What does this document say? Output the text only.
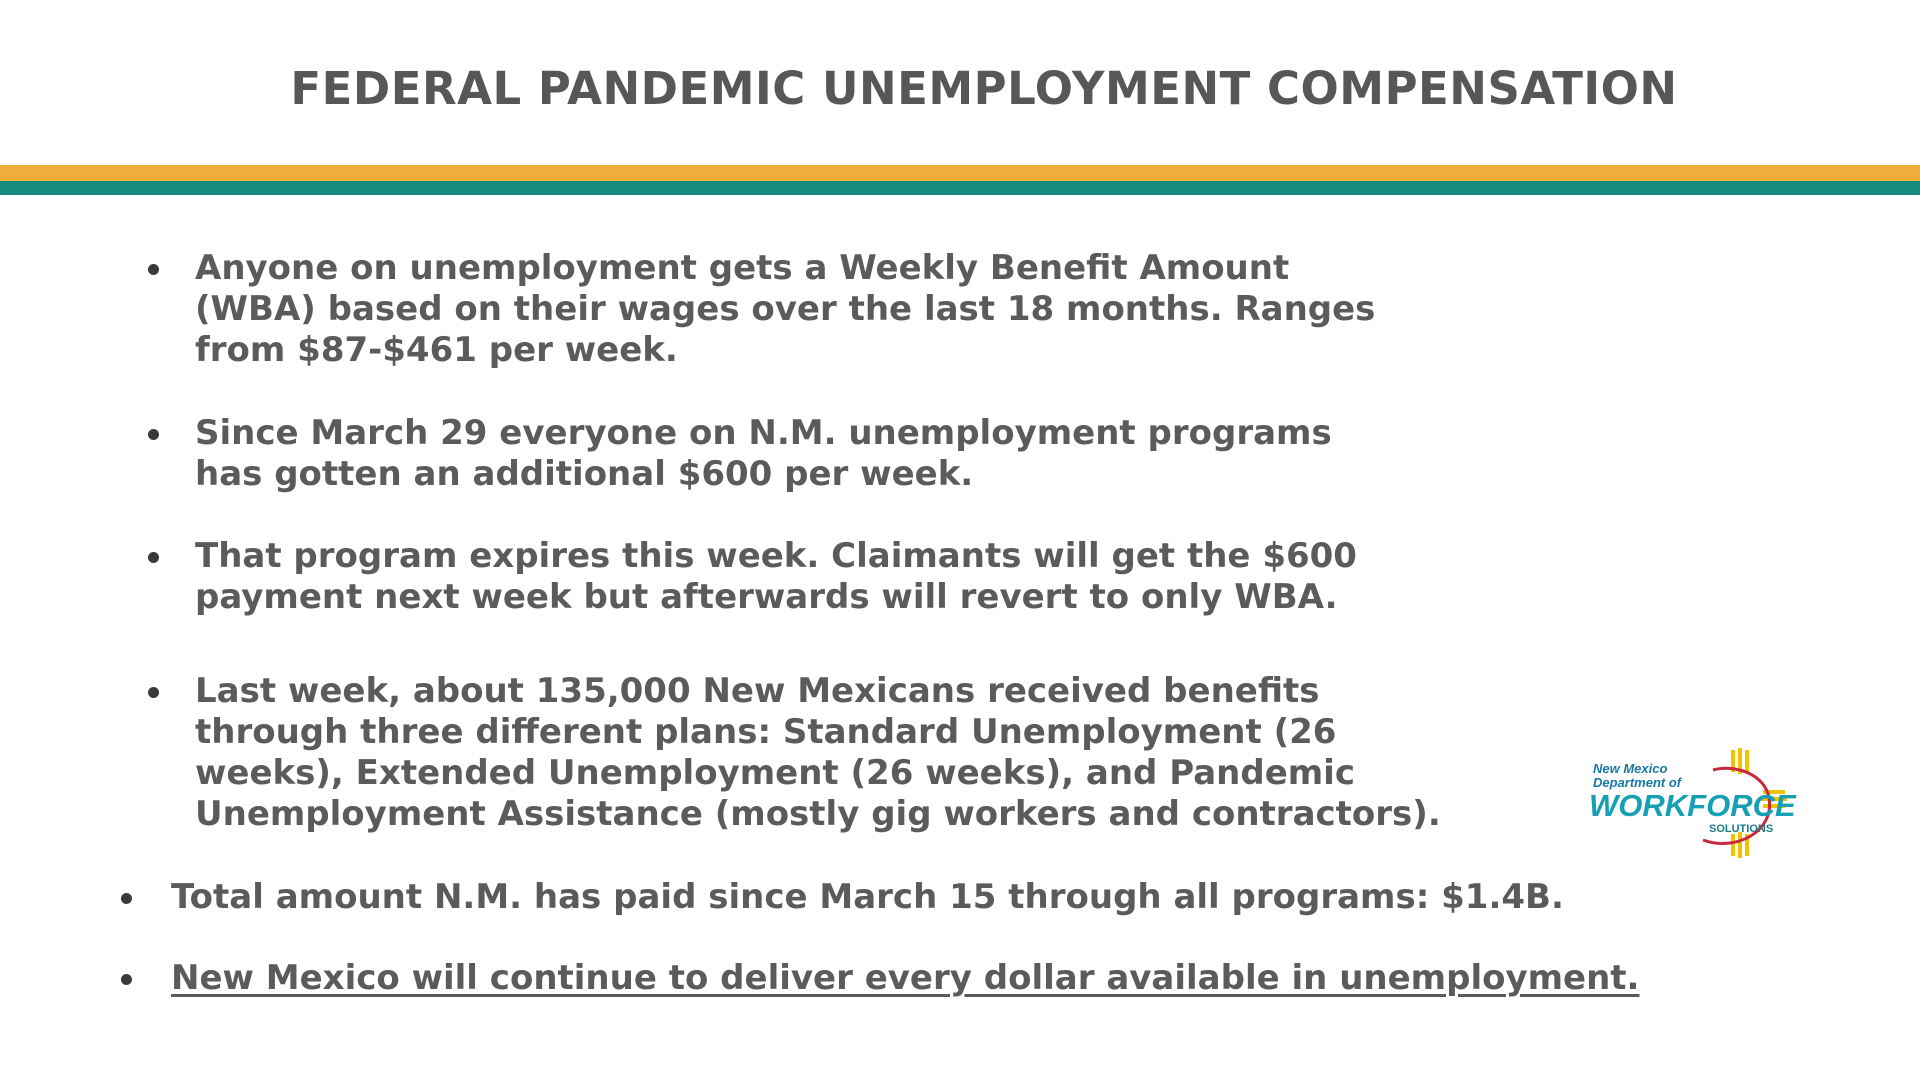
FEDERAL PANDEMIC UNEMPLOYMENT COMPENSATION
Anyone on unemployment gets a Weekly Benefit Amount
(WBA) based on their wages over the last 18 months. Ranges
from $87-$461 per week.
Since March 29 everyone on N.M. unemployment programs
has gotten an additional $600 per week.
That program expires this week. Claimants will get the $600
payment next week but afterwards will revert to only WBA.
Last week, about 135,000 New Mexicans received benefits
through three different plans: Standard Unemployment (26
weeks), Extended Unemployment (26 weeks), and Pandemic
Unemployment Assistance (mostly gig workers and contractors).
Total amount N.M. has paid since March 15 through all programs: $1.4B.
New Mexico will continue to deliver every dollar available in unemployment.
New Mexico
Department of
WORKFORCE
SOLUTIONS
